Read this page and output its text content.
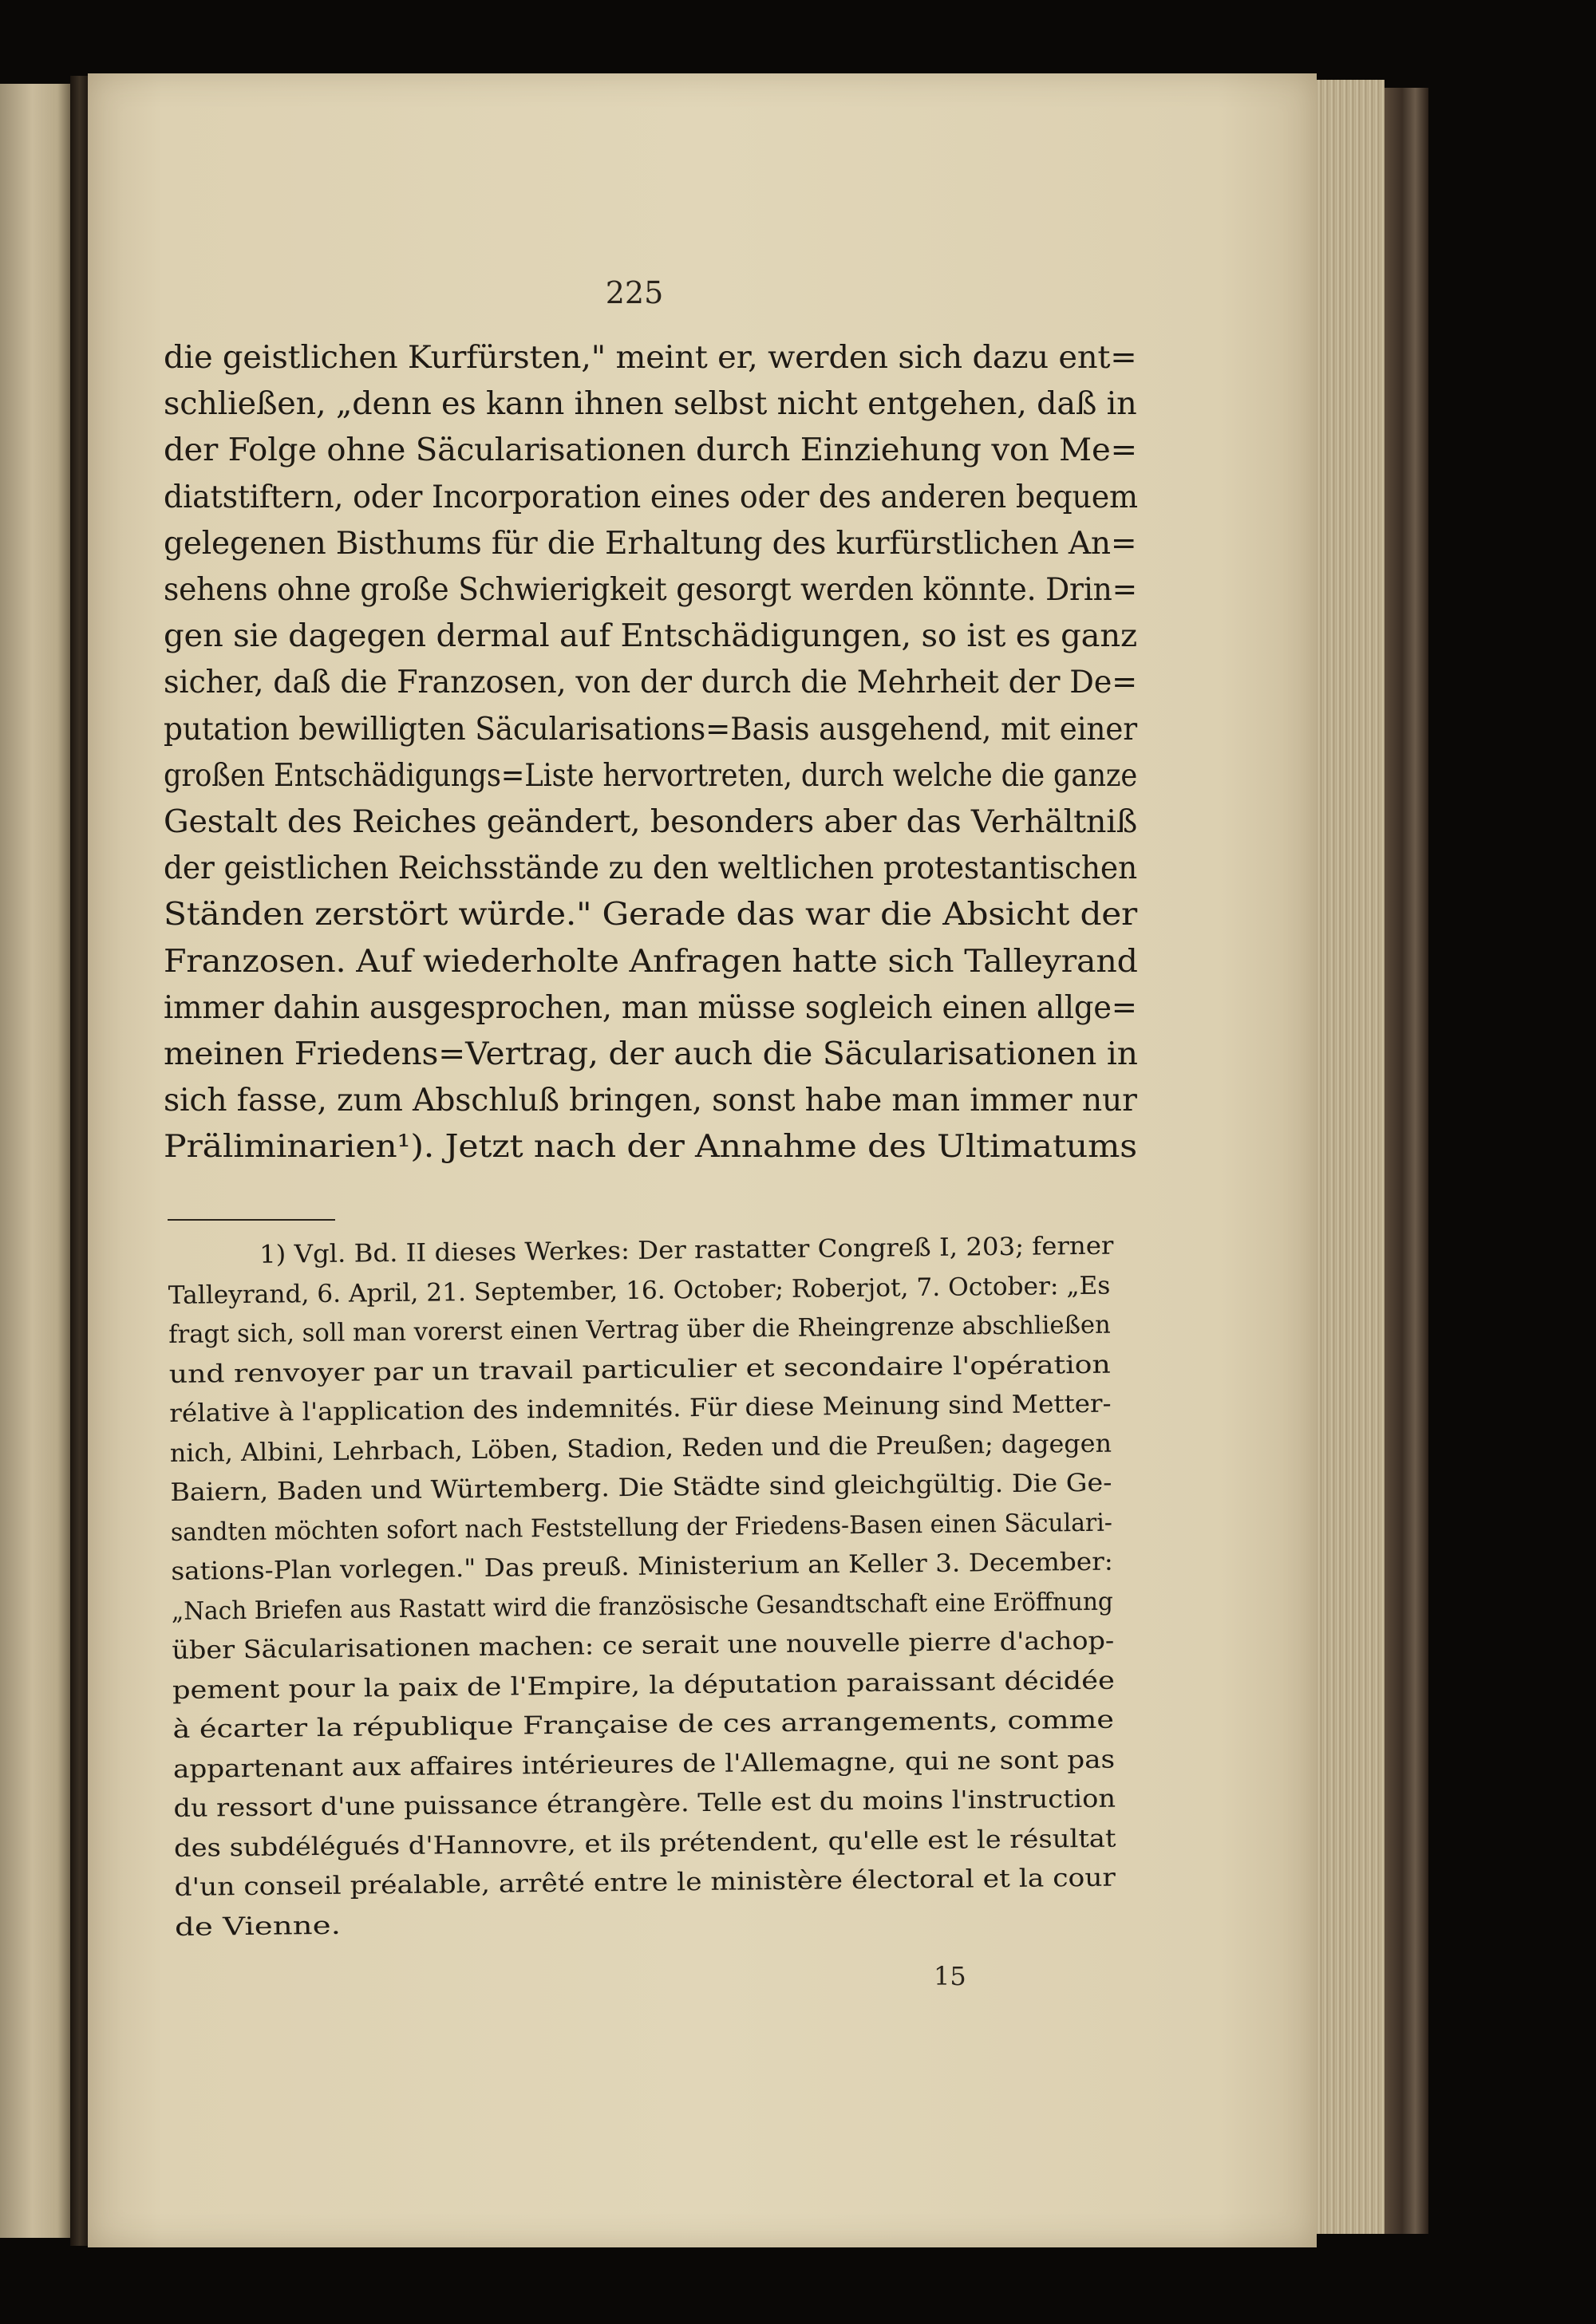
225

die geistlichen Kurfürsten," meint er, werden sich dazu ent=
schließen, „denn es kann ihnen selbst nicht entgehen, daß in
der Folge ohne Säcularisationen durch Einziehung von Me=
diatstiftern, oder Incorporation eines oder des anderen bequem
gelegenen Bisthums für die Erhaltung des kurfürstlichen An=
sehens ohne große Schwierigkeit gesorgt werden könnte. Drin=
gen sie dagegen dermal auf Entschädigungen, so ist es ganz
sicher, daß die Franzosen, von der durch die Mehrheit der De=
putation bewilligten Säcularisations=Basis ausgehend, mit einer
großen Entschädigungs=Liste hervortreten, durch welche die ganze
Gestalt des Reiches geändert, besonders aber das Verhältniß
der geistlichen Reichsstände zu den weltlichen protestantischen
Ständen zerstört würde." Gerade das war die Absicht der
Franzosen. Auf wiederholte Anfragen hatte sich Talleyrand
immer dahin ausgesprochen, man müsse sogleich einen allge=
meinen Friedens=Vertrag, der auch die Säcularisationen in
sich fasse, zum Abschluß bringen, sonst habe man immer nur
Präliminarien¹). Jetzt nach der Annahme des Ultimatums

1) Vgl. Bd. II dieses Werkes: Der rastatter Congreß I, 203; ferner
Talleyrand, 6. April, 21. September, 16. October; Roberjot, 7. October: „Es
fragt sich, soll man vorerst einen Vertrag über die Rheingrenze abschließen
und renvoyer par un travail particulier et secondaire l'opération
rélative à l'application des indemnités. Für diese Meinung sind Metter-
nich, Albini, Lehrbach, Löben, Stadion, Reden und die Preußen; dagegen
Baiern, Baden und Würtemberg. Die Städte sind gleichgültig. Die Ge-
sandten möchten sofort nach Feststellung der Friedens-Basen einen Säculari-
sations-Plan vorlegen." Das preuß. Ministerium an Keller 3. December:
„Nach Briefen aus Rastatt wird die französische Gesandtschaft eine Eröffnung
über Säcularisationen machen: ce serait une nouvelle pierre d'achop-
pement pour la paix de l'Empire, la députation paraissant décidée
à écarter la république Française de ces arrangements, comme
appartenant aux affaires intérieures de l'Allemagne, qui ne sont pas
du ressort d'une puissance étrangère. Telle est du moins l'instruction
des subdélégués d'Hannovre, et ils prétendent, qu'elle est le résultat
d'un conseil préalable, arrêté entre le ministère électoral et la cour
de Vienne.
15
